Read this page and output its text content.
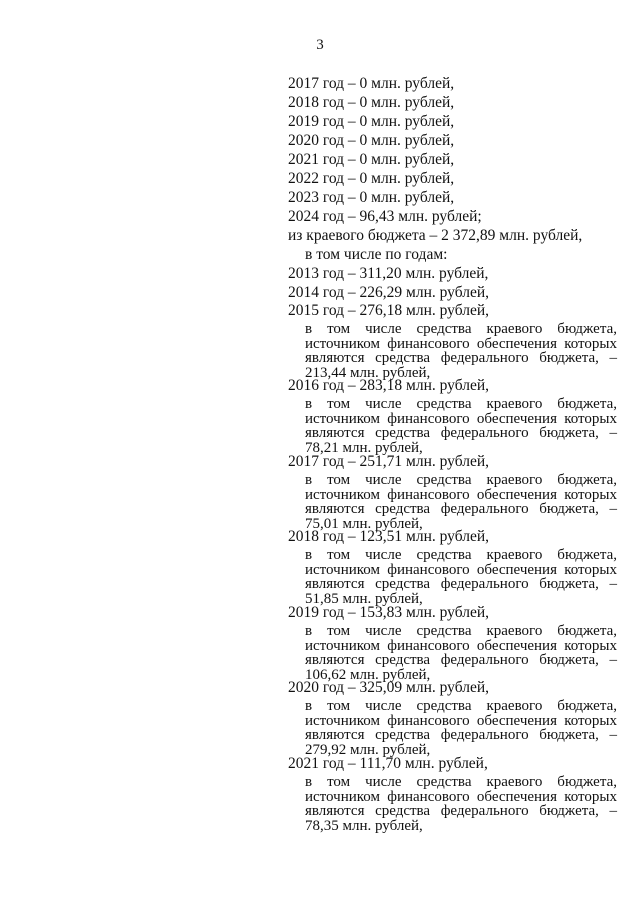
3
2017 год – 0 млн. рублей,
2018 год – 0 млн. рублей,
2019 год – 0 млн. рублей,
2020 год – 0 млн. рублей,
2021 год – 0 млн. рублей,
2022 год – 0 млн. рублей,
2023 год – 0 млн. рублей,
2024 год – 96,43 млн. рублей;
из краевого бюджета – 2 372,89 млн. рублей,
в том числе по годам:
2013 год – 311,20 млн. рублей,
2014 год – 226,29 млн. рублей,
2015 год – 276,18 млн. рублей,
в том числе средства краевого бюджета, источником финансового обеспечения которых являются средства федерального бюджета, – 213,44 млн. рублей,
2016 год – 283,18 млн. рублей,
в том числе средства краевого бюджета, источником финансового обеспечения которых являются средства федерального бюджета, – 78,21 млн. рублей,
2017 год – 251,71 млн. рублей,
в том числе средства краевого бюджета, источником финансового обеспечения которых являются средства федерального бюджета, – 75,01 млн. рублей,
2018 год – 123,51 млн. рублей,
в том числе средства краевого бюджета, источником финансового обеспечения которых являются средства федерального бюджета, – 51,85 млн. рублей,
2019 год – 153,83 млн. рублей,
в том числе средства краевого бюджета, источником финансового обеспечения которых являются средства федерального бюджета, – 106,62 млн. рублей,
2020 год – 325,09 млн. рублей,
в том числе средства краевого бюджета, источником финансового обеспечения которых являются средства федерального бюджета, – 279,92 млн. рублей,
2021 год – 111,70 млн. рублей,
в том числе средства краевого бюджета, источником финансового обеспечения которых являются средства федерального бюджета, – 78,35 млн. рублей,
